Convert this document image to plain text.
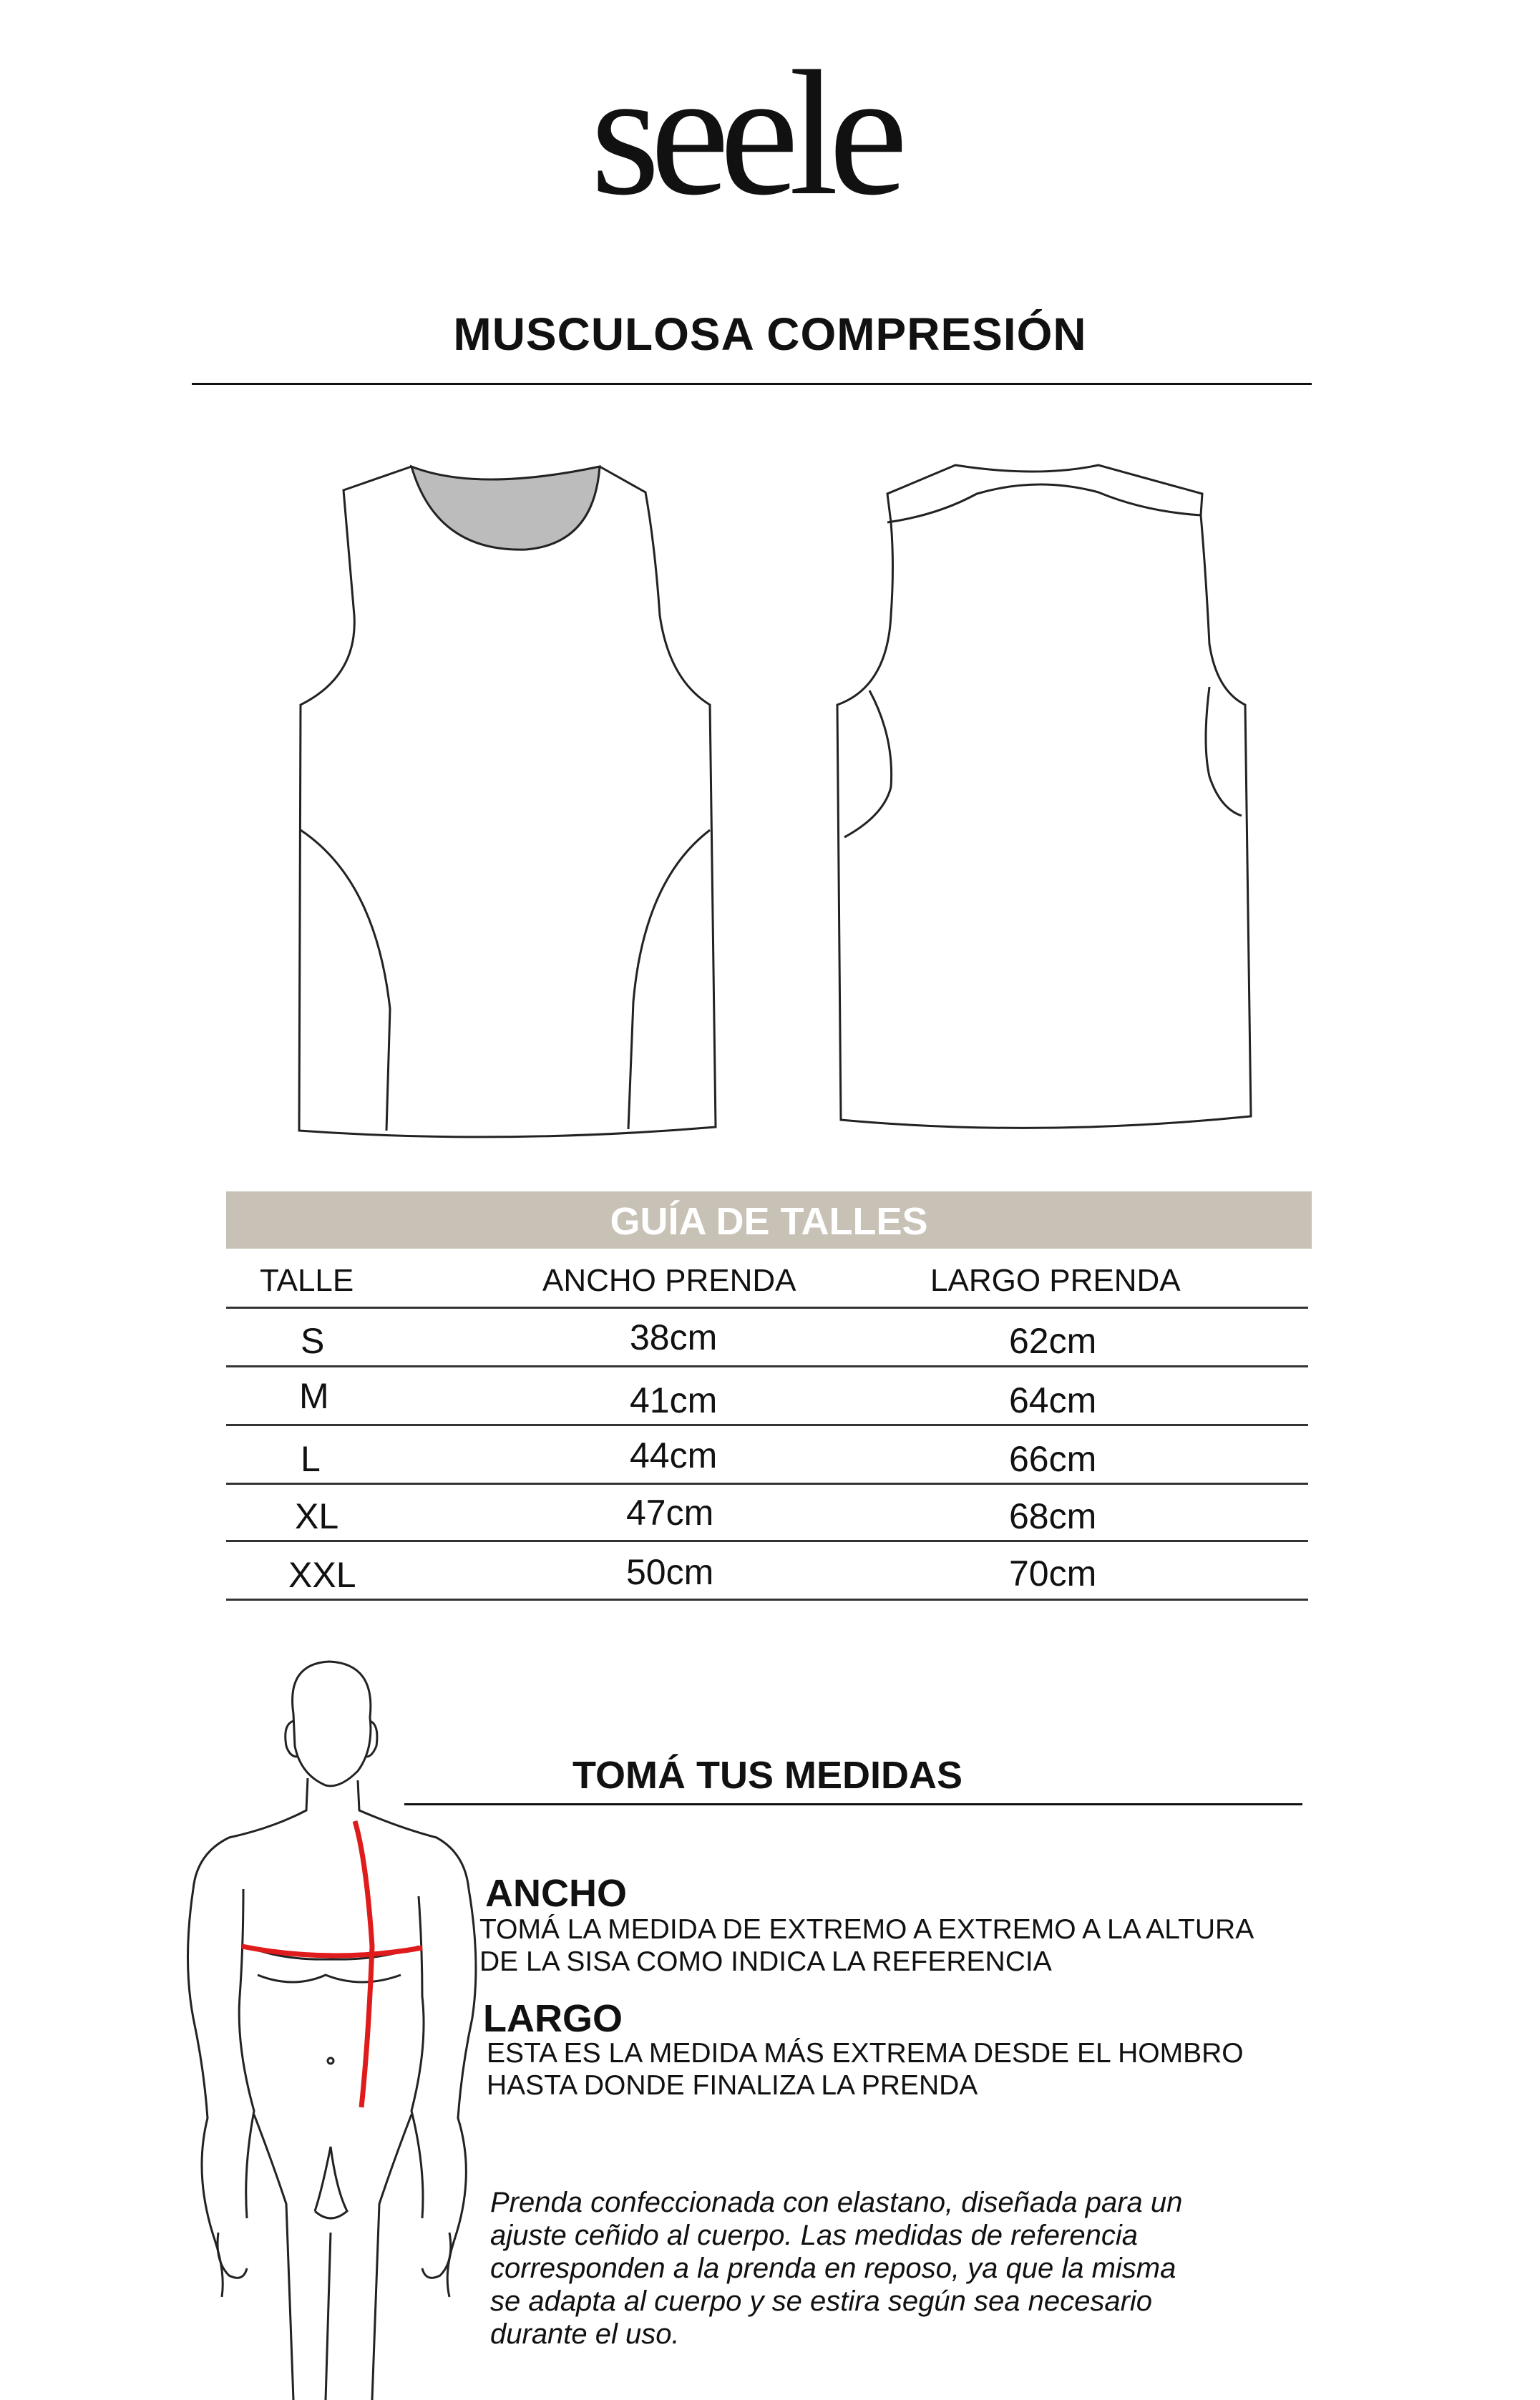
seele
MUSCULOSA COMPRESIÓN
GUÍA DE TALLES
TALLE	ANCHO PRENDA	LARGO PRENDA
S	38cm	62cm
M	41cm	64cm
L	44cm	66cm
XL	47cm	68cm
XXL	50cm	70cm
TOMÁ TUS MEDIDAS
ANCHO
TOMÁ LA MEDIDA DE EXTREMO A EXTREMO A LA ALTURA
DE LA SISA COMO INDICA LA REFERENCIA
LARGO
ESTA ES LA MEDIDA MÁS EXTREMA DESDE EL HOMBRO
HASTA DONDE FINALIZA LA PRENDA
Prenda confeccionada con elastano, diseñada para un
ajuste ceñido al cuerpo. Las medidas de referencia
corresponden a la prenda en reposo, ya que la misma
se adapta al cuerpo y se estira según sea necesario
durante el uso.
